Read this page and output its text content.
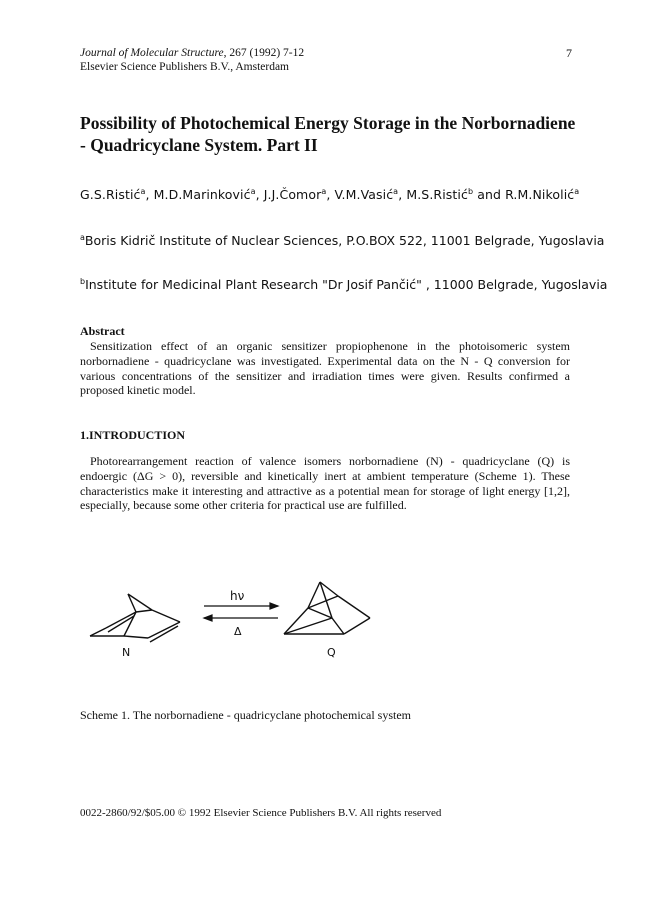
Journal of Molecular Structure, 267 (1992) 7-12
Elsevier Science Publishers B.V., Amsterdam
7
Possibility of Photochemical Energy Storage in the Norbornadiene - Quadricyclane System. Part II
G.S.Ristić$^a$, M.D.Marinković$^a$, J.J.Čomor$^a$, V.M.Vasić$^a$, M.S.Ristić$^b$ and R.M.Nikolić$^a$
$^a$Boris Kidrič Institute of Nuclear Sciences, P.O.BOX 522, 11001 Belgrade, Yugoslavia
$^b$Institute for Medicinal Plant Research "Dr Josif Pančić" , 11000 Belgrade, Yugoslavia
Abstract
Sensitization effect of an organic sensitizer propiophenone in the photoisomeric system norbornadiene - quadricyclane was investigated. Experimental data on the N - Q conversion for various concentrations of the sensitizer and irradiation times were given. Results confirmed a proposed kinetic model.
1.INTRODUCTION
Photorearrangement reaction of valence isomers norbornadiene (N) - quadricyclane (Q) is endoergic (ΔG > 0), reversible and kinetically inert at ambient temperature (Scheme 1). These characteristics make it interesting and attractive as a potential mean for storage of light energy [1,2], especially, because some other criteria for practical use are fulfilled.
N
hν
Δ
Q
Scheme 1. The norbornadiene - quadricyclane photochemical system
0022-2860/92/$05.00 © 1992 Elsevier Science Publishers B.V. All rights reserved
